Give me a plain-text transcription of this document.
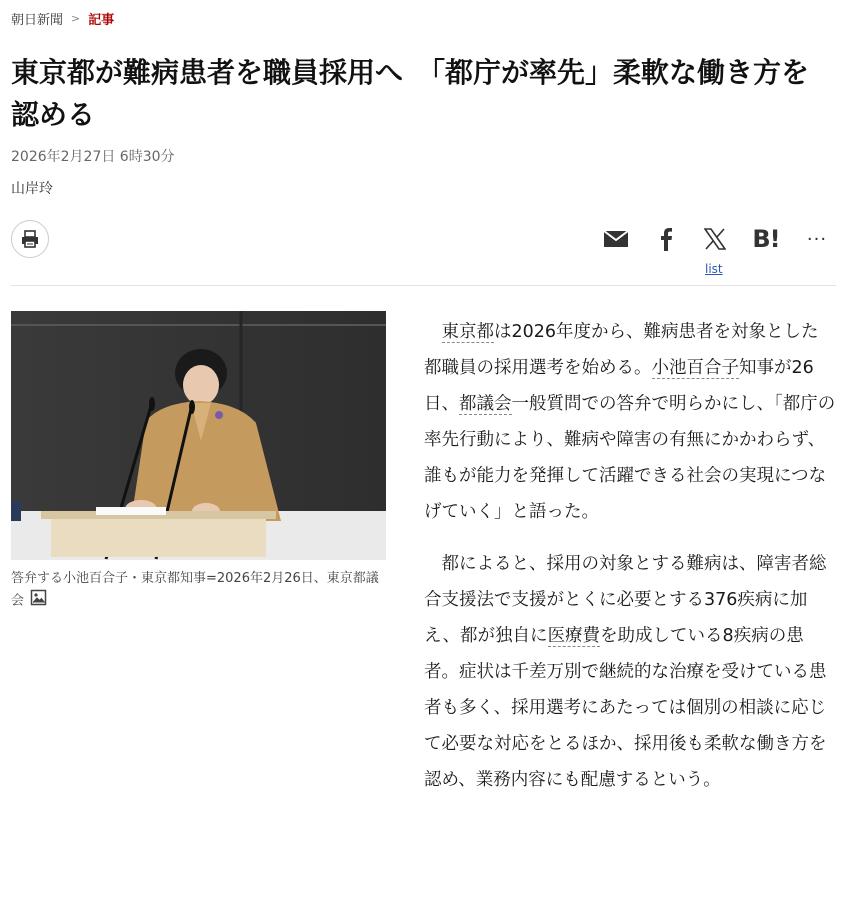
朝日新聞 > 記事
東京都が難病患者を職員採用へ　「都庁が率先」柔軟な働き方を認める
2026年2月27日 6時30分
山岸玲
B! ···
list
答弁する小池百合子・東京都知事=2026年2月26日、東京都議会

東京都は2026年度から、難病患者を対象とした都職員の採用選考を始める。小池百合子知事が26日、都議会一般質問での答弁で明らかにし、「都庁の率先行動により、難病や障害の有無にかかわらず、誰もが能力を発揮して活躍できる社会の実現につなげていく」と語った。

都によると、採用の対象とする難病は、障害者総合支援法で支援がとくに必要とする376疾病に加え、都が独自に医療費を助成している8疾病の患者。症状は千差万別で継続的な治療を受けている患者も多く、採用選考にあたっては個別の相談に応じて必要な対応をとるほか、採用後も柔軟な働き方を認め、業務内容にも配慮するという。
